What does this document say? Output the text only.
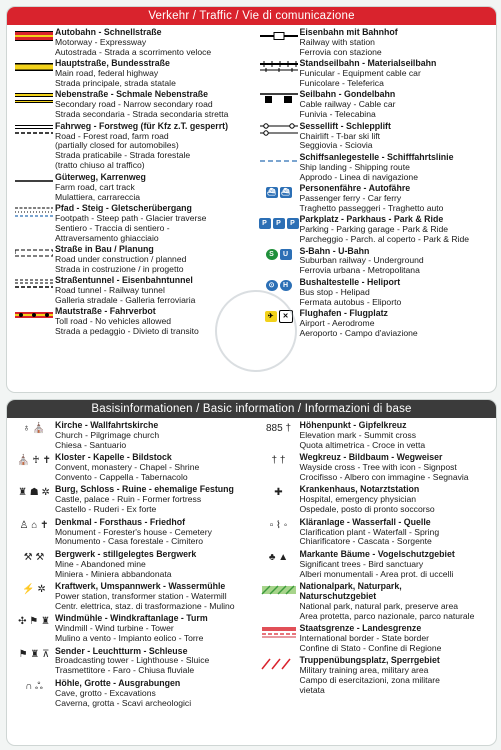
Verkehr / Traffic / Vie di comunicazione
Autobahn - Schnellstraße
Motorway - Expressway
Autostrada - Strada a scorrimento veloce
Hauptstraße, Bundesstraße
Main road, federal highway
Strada principale, strada statale
Nebenstraße - Schmale Nebenstraße
Secondary road - Narrow secondary road
Strada secondaria - Strada secondaria stretta
Fahrweg - Forstweg (für Kfz z.T. gesperrt)
Road - Forest road, farm road
(partially closed for automobiles)
Strada praticabile - Strada forestale
(tratto chiuso al traffico)
Güterweg, Karrenweg
Farm road, cart track
Mulattiera, carrareccia
Pfad - Steig - Gletscherübergang
Footpath - Steep path - Glacier traverse
Sentiero - Traccia di sentiero -
Attraversamento ghiacciaio
Straße in Bau / Planung
Road under construction / planned
Strada in costruzione / in progetto
Straßentunnel - Eisenbahntunnel
Road tunnel - Railway tunnel
Galleria stradale - Galleria ferroviaria
Mautstraße - Fahrverbot
Toll road - No vehicles allowed
Strada a pedaggio - Divieto di transito
Eisenbahn mit Bahnhof
Railway with station
Ferrovia con stazione
Standseilbahn - Materialseilbahn
Funicular - Equipment cable car
Funicolare - Teleferica
Seilbahn - Gondelbahn
Cable railway - Cable car
Funivia - Telecabina
Sessellift - Schlepplift
Chairlift - T-bar ski lift
Seggiovia - Sciovia
Schiffsanlegestelle - Schifffahrtslinie
Ship landing - Shipping route
Approdo - Linea di navigazione
⛴ ⛴ Personenfähre - Autofähre
Passenger ferry - Car ferry
Traghetto passeggeri - Traghetto auto
P	P	P Parkplatz - Parkhaus - Park & Ride
Parking - Parking garage - Park & Ride
Parcheggio - Parch. al coperto - Park & Ride
S	U	S-Bahn - U-Bahn
Suburban railway - Underground
Ferrovia urbana - Metropolitana
⊙	H	Bushaltestelle - Heliport
Bus stop - Helipad
Fermata autobus - Eliporto
✈	✕	Flughafen - Flugplatz
Airport - Aerodrome
Aeroporto - Campo d'aviazione
Basisinformationen / Basic information / Informazioni di base
♁ ⛪ Kirche - Wallfahrtskirche
Church - Pilgrimage church
Chiesa - Santuario
⛪ ♰ ✝ Kloster - Kapelle - Bildstock
Convent, monastery - Chapel - Shrine
Convento - Cappella - Tabernacolo
♜ ☗ ✲ Burg, Schloss - Ruine - ehemalige Festung
Castle, palace - Ruin - Former fortress
Castello - Ruderi - Ex forte
♙ ⌂ ✝ Denkmal - Forsthaus - Friedhof
Monument - Forester's house - Cemetery
Monumento - Casa forestale - Cimitero
⚒ ⚒ Bergwerk - stillgelegtes Bergwerk
Mine - Abandoned mine
Miniera - Miniera abbandonata
⚡ ✲ Kraftwerk, Umspannwerk - Wassermühle
Power station, transformer station - Watermill
Centr. elettrica, staz. di trasformazione - Mulino
✣ ⚑ ♜ Windmühle - Windkraftanlage - Turm
Windmill - Wind turbine - Tower
Mulino a vento - Impianto eolico - Torre
⚑ ♜ ⊼ Sender - Leuchtturm - Schleuse
Broadcasting tower - Lighthouse - Sluice
Trasmettitore - Faro - Chiusa fluviale
∩ ஃ Höhle, Grotte - Ausgrabungen
Cave, grotto - Excavations
Caverna, grotta - Scavi archeologici
885 † Höhenpunkt - Gipfelkreuz
Elevation mark - Summit cross
Quota altimetrica - Croce in vetta
† † Wegkreuz - Bildbaum - Wegweiser
Wayside cross - Tree with icon - Signpost
Crocifisso - Albero con immagine - Segnavia
✚ Krankenhaus, Notarztstation
Hospital, emergency physician
Ospedale, posto di pronto soccorso
▫ ⌇ ◦ Kläranlage - Wasserfall - Quelle
Clarification plant - Waterfall - Spring
Chiarificatore - Cascata - Sorgente
♣ ▲ Markante Bäume - Vogelschutzgebiet
Significant trees - Bird sanctuary
Alberi monumentali - Area prot. di uccelli
Nationalpark, Naturpark,
Naturschutzgebiet
National park, natural park, preserve area
Area protetta, parco nazionale, parco naturale
Staatsgrenze - Landesgrenze
International border - State border
Confine di Stato - Confine di Regione
Truppenübungsplatz, Sperrgebiet
Military training area, military area
Campo di esercitazioni, zona militare
vietata
